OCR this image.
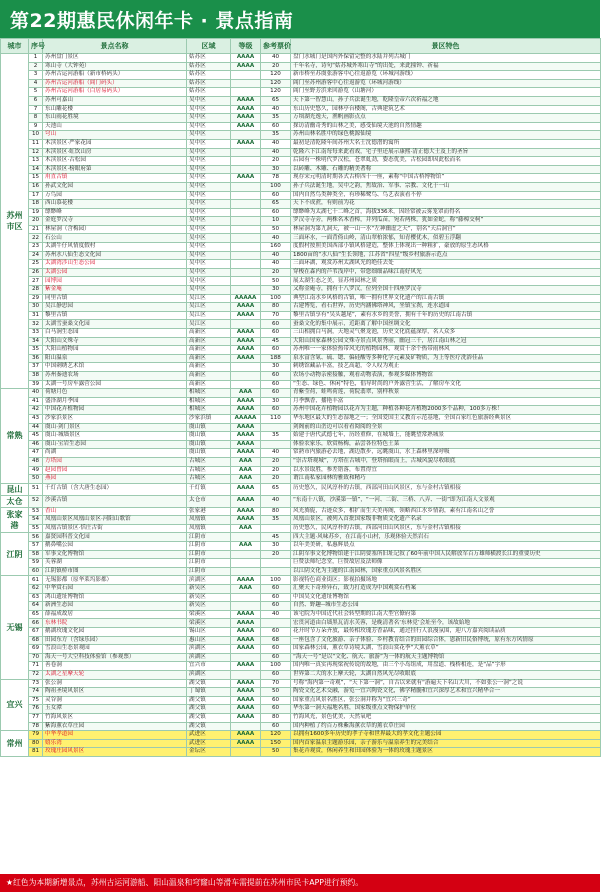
第22期惠民休闲年卡 · 景点指南
城市	序号	景点名称	区域	等级	参考票价	景区特色
苏州市区	1	苏州盘门景区	姑苏区	AAAA	40	盘门水城门是国内外保留完整的水陆并列古城门
	2	寒山寺（大钟苑）	姑苏区	AAAA	20	千年名寺，诗句“姑苏城外寒山寺”的出处，来此撞钟、祈福
	3	苏州古运河游船（新市桥码头）	姑苏区		120	新市桥至苏虞张游客中心往返游览（环城河游线）
	4	苏州古运河游船（阊门码头）	姑苏区		120	阊门至苏州游客中心往返游览（环城河游线）
	5	苏州古运河游船（白居易码头）	姑苏区		120	阊门至野芳浜来回游览（山塘河）
	6	苏州可嘉山	吴中区	AAAA	65	天下第一智慧山，孙子兵法诞生地，乾隆皇帝六次祈福之地
	7	东山雕花楼	吴中区	AAAA	40	东山历史悠久，园林亭台楼阁，古典建筑艺术
	8	东山雨花胜境	吴中区	AAAA	35	万顷湖光逸天，渔帆画影点点
	9	天池山	吴中区	AAAA	60	探访清幽奇秀的山林之美，感受仙境天池的自然情趣
	10	穹山	吴中区		35	苏州山林名胜中的绿色桃源仙境
	11	木渎景区·严家花园	吴中区	AAAA	40	最初是清乾隆年间苏州大名士沈德潜的寓所
	12	木渎景区·虹饮山房	吴中区		40	乾隆六下江南每每来此看戏，宅子里还展示康熙·清正德大士及上的圣旨
	13	木渎景区·古松园	吴中区		20	后园有一株明代罗汉松，苍翠虬劲，姿态优美，古松园即因此松而名
	14	木渎景区·榜眼府第	吴中区		30	以砖雕、木雕、石雕的精美著称
	15	甪直古镇	吴中区	AAAA	78	现存宋元明清时期各式古桥四十一座，素称“中国古桥博物馆”
	16	孙武文化园	吴中区		100	孙子兵法诞生地，吴中之韵，焦故治、军事、宗教、文化于一山
	17	万鸟园	吴中区		60	国内自然鸟类种类全，有珍稀鹭鸟、鸟艺表演看不停
	18	西山慕花楼	吴中区		65	天下不成蔗，有则前为花
	19	缥缈峰	吴中区		60	缥缈峰为太湖七十二峰之首，海拔336米，因经常被云雾笼罩而得名
	20	金庭罗汉寺	吴中区		10	罗汉寺寺旁，两株名木香樟，并列瓜苗，宛若两株，犹如金蛇，称“藤樟交柯”
	21	林屋洞（含梅园）	吴中区		50	林屋洞为第九洞天，被一山一水“左神幽虚之天”，别名“天后洞宫”
	22	石公山	吴中区		40	三面环水，一面背倚山岭，清山翠柏浓郁，知青樱优木，似碧玉浮翻
	23	太湖牛仔风情度假村	吴中区		160	度假村按照美国西部小镇风格建造，整体上体现出一种粗犷，豪放的原生态风格
	24	苏州水八仙生态文化园	吴中区		40	1800亩的“水八仙”生长领地，江苏省“四星”级乡村旅游示范点
	25	太湖湾涉山生态公园	吴中区		40	三面环湖，观赏苏州太湖风光的绝佳去处
	26	太湖公园	吴中区		20	穿梭在森内的芦苇浅岸中，带您细细品味江南好风光
	27	园博园	吴中区		50	展太湖生态之美，显苏州园林之质
	28	紫金庵	吴中区		30	又称金庵寺，拥有十八罗汉，位列全国十四座罗汉寺
	29	同里古镇	吴江区	AAAAA	100	典型江南水乡风格的古镇，唯一拥有世界文化遗产的江南古镇
	30	吴江静思园	吴江区	AAAA	80	古建博览，看石世界，历史内涵佛塔神风，坐镇宝刹，连水道园
	31	黎里古镇	吴江区	AAAA	70	黎里古镇享有“吴头越尾”，素有水乡的美誉，拥有千年的历史的江南古镇
	32	太湖雪蚕桑文化园	吴江区		60	蚕桑文化的集中展示，近距离了解中国丝绸文化
	33	白马涧生态园	高新区	AAAA	60	三山相拥白马涧，天地灵气聚龙池，历史文化底蕴深厚，名人众多
	34	大阳山文殊寺	高新区	AAAA	45	大阳山国家森林公园文殊寺景点风景秀丽，幽冠三千，居江南山林之冠
	35	大阳山植物园	高新区	AAAA	60	苏州唯一一家体验热带风光的植物园林，观赏十余个热带雨林风
	36	阳山温泉	高新区	AAAA	188	泉水富含氡、硫、锶、偏硅酸等多种化学元素及矿物质，为上等医疗洗浴佳品
	37	中国刺绣艺术馆	高新区		30	刺绣馆藏品丰富，技艺高超，令人叹为观止
	38	苏州秦迪农场	高新区		60	农场小动物亲密接触，观看动物表演，参观多媒体博物馆
	39	太湖一号房车露营公园	高新区		60	“生态、绿色、休闲”特色，倡导时尚的户外露营生活，了解房车文化
常熟	40	荷塘月色	相城区	AAA	60	青紫莹荷，蛙鸣荷莲，荷院翡翠，别样秋景
	41	盛泽湖月季园	相城区	AAAA	30	月季飘香，播艳丰富
	42	中国花卉植物园	相城区	AAAA	60	苏州中国花卉植物园以花卉为主题，种植各种花卉植物2000多个品种，100多万株！
	43	沙家浜景区	沙家浜镇	AAAAA	110	华东地区最大的生态湿地之一；全国爱国主义教育示范基地，全国百家红色旅游经典景区
	44	虞山·剑门景区	虞山镇	AAAA		剑阁前的山峦边可以看看阅阅的全景
	45	虞山·城墙景区	虞山镇	AAAA	35	始建于唐代武德七年，历经重修，在城墙上，能眺望常熟城景
	46	虞山·宝岩生态园	虞山镇	AAAA		体验农家乐，欣赏杨梅，品尝各位特色土菜
	47	尚湖	虞山镇	AAAA	40	常熟市内旅游必去地，湖边散步，远眺虞山，水上森林里深呼吸
	48	方塔园	古城区	AAA	20	“崇古塔观城”，方塔在古城中，登塔抬眼而上，古城风貌尽收眼底
	49	赵园曾园	古城区	AAA	20	以水景取胜，参差错落，布置得宜
	50	燕园	古城区	AAA	20	谓江南私家园林的雅致和精巧
昆山	51	千灯古镇（含大唐生态园）	千灯镇	AAAA	65	历史悠久，民风淳朴的古镇，西部河田山风景区，东与金村古镇相接
太仓	52	沙溪古镇	太仓市	AAAA	40	“东南十八镇，沙溪第一镇”，“一河、二街、三桥、八弄、一街”即为江南人文景观
张家港	53	香山	张家港	AAAA	80	风光旖旎，古迹众多，相扩而生天美再阁，领略西江水乡情韵，素有江南名山之誉
	54	凤凰山景区凤凰山景区·河阳山歌馆	凤凰镇	AAAA	35	凤凰山景区，被列入首批国家级非物质文化遗产名录
	55	凤凰古镇景区·恬庄古街	凤凰镇	AAA		历史悠久，民风淳朴的古镇，西部河田山风景区，东与金村古镇相接
江阴	56	嘉贤园科普文化园	江阴市		45	四大主题·风味苏乡，在江南小山村，乐观体验天然岩石
	57	鹅鼻嘴公园	江阴市	AAA	30	以年美美研，私惠辉晨点
	58	军事文化博物馆	江阴市		20	江阴军事文化博物馆建于江阴要塞所旧址记叙了60年前中国人民解放军百万雄师横渡长江的重要历史
	59	芙蓉湖	江阴市			巨赞法师纪念堂，巨赞故居及法师像
	60	江阴镇桥市图	江阴市			以江阴文化为主题的江南园林，国家重点风景名胜区
无锡	61	无锡影都（原华莱坞影都）	滨湖区	AAAA	100	影视特色商业街区；影视拍摄场地
	62	中华赏石园	新吴区	AAA	60	汇聚天下奇珍异石，致力打造成为中国观赏石档案
	63	鸿山遗址博物馆	新吴区		60	中国吴文化遗址博物馆
	64	新洲生态园	新吴区		60	自然、野趣--城市生态公园
	65	薛福成故居	梁溪区	AAAA	40	该宅院为中国近代社会转型期的江南大型官僚府第
	66	东林书院	梁溪区	AAAA		宏贯河道由白墙黑瓦清水芙蓉，是晚清著名‘东林党’会址至今，该故始地
	67	鹅湖玫瑰文化园	锡山区	AAAA	60	花开时节万朵齐放，最传相玫瑰芳香品味，通过挂行人浪漫氛围，迎八方嘉宾阅读品质
	68	田园东方（含绿乐园）	惠山区	AAAA	68	一座包含了文化旅游、亲子体验、乡村教育结合的田园综合体，恩新旧民俗博统，原有东方风情原
	69	雪浪山生态景观园	滨湖区	AAAA	60	国家森林公园，薰衣草诗境太湖，雪浪山赏花季“大薰衣草”
	70	海天一号大空科技体验馆（参观票）	滨湖区		60	“海天一号”是以“文化、航天、旅游”为一体的航天主题博物馆
	71	善卷洞	宜兴市	AAAA	100	国内唯一真实再现梁祝传说的故地，由三个小岛组成，用盘道、栈桥相连，是“品”字形
	72	太湖之星摩天轮	滨湖区		60	世界第二大的水上摩天轮，太湖自然风光尽收眼底
宜兴	73	张公洞	湖父镇	AAAA	70	号称“海内第一奇观”，“天下第一洞”，自古以来就有“游遍天下名山大川，不如张公一洞”之说
	74	陶祖圣境风景区	丁蜀镇	AAAA	50	陶瓷文化艺术交融，游览一宜兴陶瓷文化，佛学精髓和宜兴深厚艺术和宜兴精华合一
	75	灵谷洞	湖父镇	AAAA	60	国家重点风景名胜区，张公洞并称为“宜兴三奇”
	76	玉女潭	湖父镇	AAAA	60	华东第一洞天福地名胜，国家级重点文物保护单位
	77	竹海风景区	湖父镇	AAAA	80	竹海风光，景色优美，天然氧吧
	78	紫海薰衣草庄园	湖父镇		60	国内种植了约百万株紫海薰衣草的薰衣草庄园
常州	79	中华孝道园	武进区	AAAA	120	以拥有1600多年历史的孝子寺和世界最大的孝文化主题公园
	80	嬉乐湾	武进区	AAAA	150	国内首家温泉主题游乐园，亲子游乐与温泉养生的完美结合
	81	玫瑰庄园风景区	金坛区		50	集花卉观赏，休闲养生和田园体验为一体的玫瑰主题景区
★红色为本期新增景点，苏州古运河游船、阳山温泉和穹窿山等滑车需提前在苏州市民卡APP进行预约。
